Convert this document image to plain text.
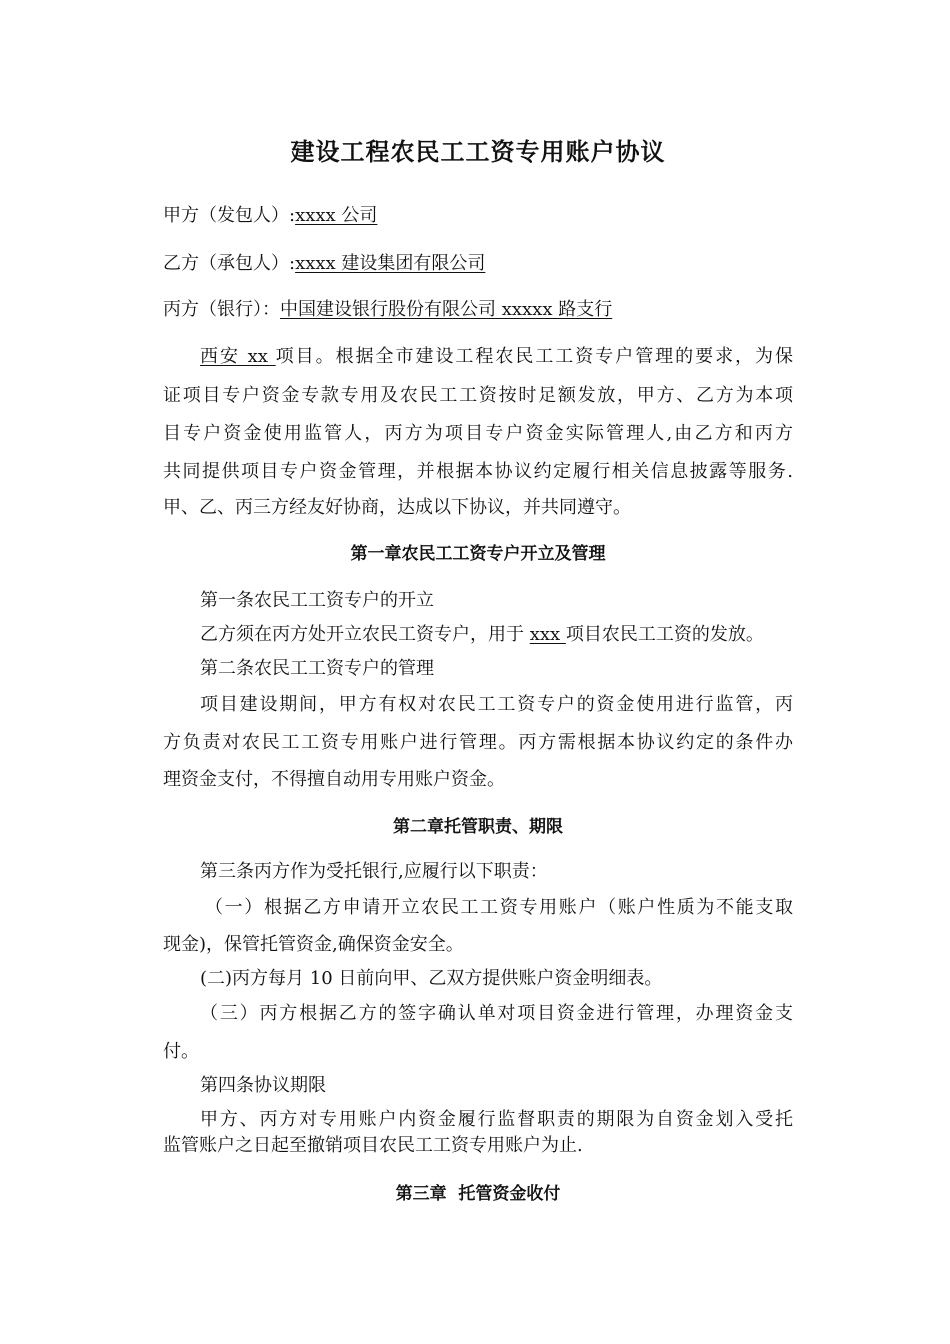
建设工程农民工工资专用账户协议
甲方（发包人）:xxxx 公司
乙方（承包人）:xxxx 建设集团有限公司
丙方（银行）：中国建设银行股份有限公司 xxxxx 路支行
西安 xx 项目。根据全市建设工程农民工工资专户管理的要求，为保
证项目专户资金专款专用及农民工工资按时足额发放，甲方、乙方为本项
目专户资金使用监管人，丙方为项目专户资金实际管理人,由乙方和丙方
共同提供项目专户资金管理，并根据本协议约定履行相关信息披露等服务.
甲、乙、丙三方经友好协商，达成以下协议，并共同遵守。
第一章农民工工资专户开立及管理
第一条农民工工资专户的开立
乙方须在丙方处开立农民工资专户，用于 xxx 项目农民工工资的发放。
第二条农民工工资专户的管理
项目建设期间，甲方有权对农民工工资专户的资金使用进行监管，丙
方负责对农民工工资专用账户进行管理。丙方需根据本协议约定的条件办
理资金支付，不得擅自动用专用账户资金。
第二章托管职责、期限
第三条丙方作为受托银行,应履行以下职责：
（一）根据乙方申请开立农民工工资专用账户（账户性质为不能支取
现金)，保管托管资金,确保资金安全。
(二)丙方每月 10 日前向甲、乙双方提供账户资金明细表。
（三）丙方根据乙方的签字确认单对项目资金进行管理，办理资金支
付。
第四条协议期限
甲方、丙方对专用账户内资金履行监督职责的期限为自资金划入受托
监管账户之日起至撤销项目农民工工资专用账户为止.
第三章  托管资金收付
